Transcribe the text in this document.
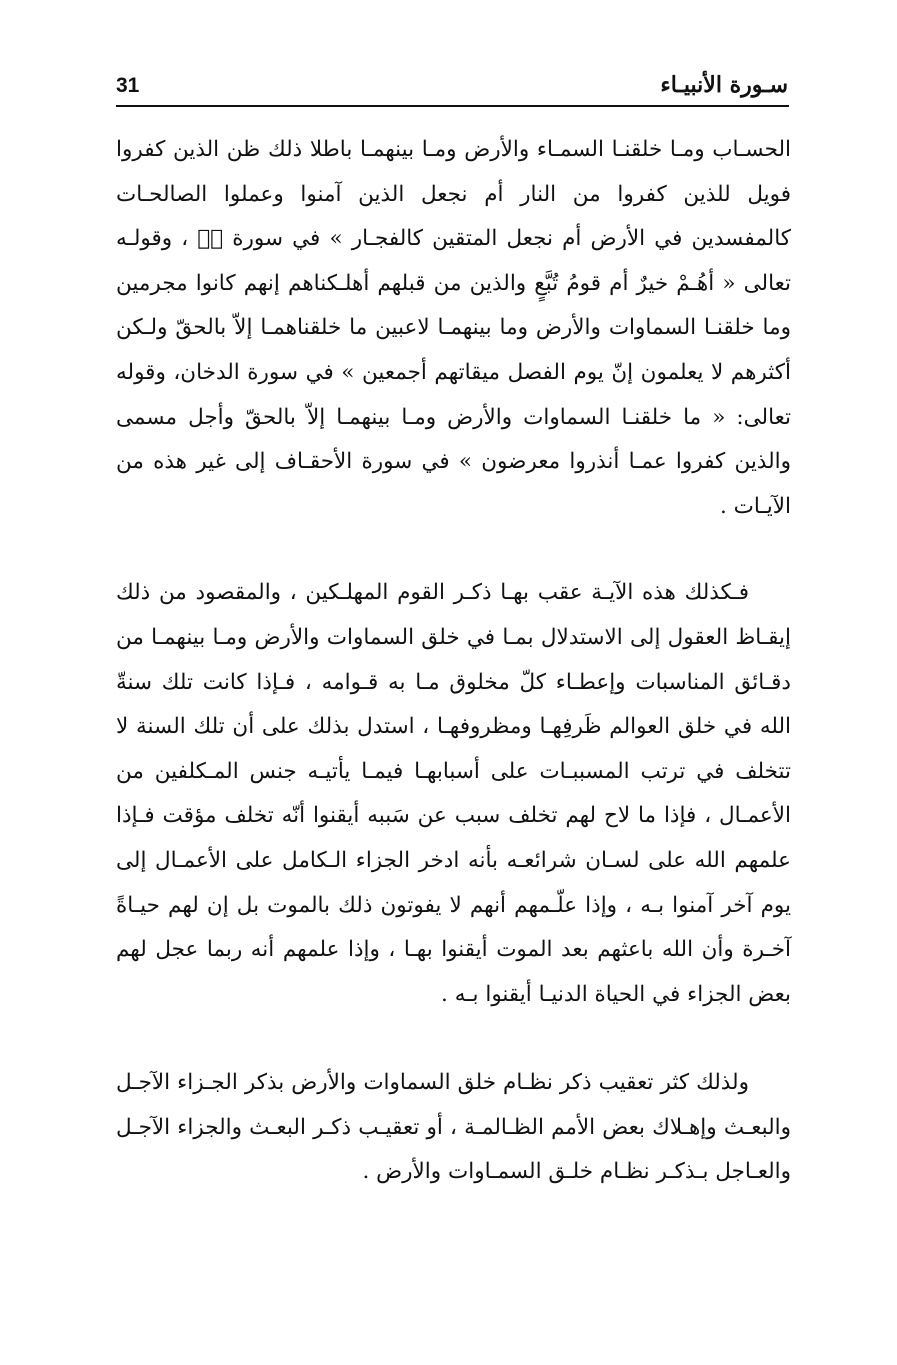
31	سـورة الأنبيـاء

الحسـاب ومـا خلقنـا السمـاء والأرض ومـا بينهمـا باطلا ذلك ظن الذين كفروا فويل للذين كفروا من النار أم نجعل الذين آمنوا وعملوا الصالحـات كالمفسدين في الأرض أم نجعل المتقين كالفجـار » في سورة صۤ ، وقولـه تعالى « أهُـمْ خيرٌ أم قومُ تُبَّعٍ والذين من قبلهم أهلـكناهم إنهم كانوا مجرمين وما خلقنـا السماوات والأرض وما بينهمـا لاعبين ما خلقناهمـا إلاّ بالحقّ ولـكن أكثرهم لا يعلمون إنّ يوم الفصل ميقاتهم أجمعين » في سورة الدخان، وقوله تعالى: « ما خلقنـا السماوات والأرض ومـا بينهمـا إلاّ بالحقّ وأجل مسمى والذين كفروا عمـا أنذروا معرضون » في سورة الأحقـاف إلى غير هذه من الآيـات .

فـكذلك هذه الآيـة عقب بهـا ذكـر القوم المهلـكين ، والمقصود من ذلك إيقـاظ العقول إلى الاستدلال بمـا في خلق السماوات والأرض ومـا بينهمـا من دقـائق المناسبات وإعطـاء كلّ مخلوق مـا به قـوامه ، فـإذا كانت تلك سنةّ الله في خلق العوالم ظَرفِهـا ومظروفهـا ، استدل بذلك على أن تلك السنة لا تتخلف في ترتب المسببـات على أسبابهـا فيمـا يأتيـه جنس المـكلفين من الأعمـال ، فإذا ما لاح لهم تخلف سبب عن سَببه أيقنوا أنّه تخلف مؤقت فـإذا علمهم الله على لسـان شرائعـه بأنه ادخر الجزاء الـكامل على الأعمـال إلى يوم آخر آمنوا بـه ، وإذا علّـمهم أنهم لا يفوتون ذلك بالموت بل إن لهم حيـاةً آخـرة وأن الله باعثهم بعد الموت أيقنوا بهـا ، وإذا علمهم أنه ربما عجل لهم بعض الجزاء في الحياة الدنيـا أيقنوا بـه .

ولذلك كثر تعقيب ذكر نظـام خلق السماوات والأرض بذكر الجـزاء الآجـل والبعـث وإهـلاك بعض الأمم الظـالمـة ، أو تعقيـب ذكـر البعـث والجزاء الآجـل والعـاجل بـذكـر نظـام خلـق السمـاوات والأرض .
